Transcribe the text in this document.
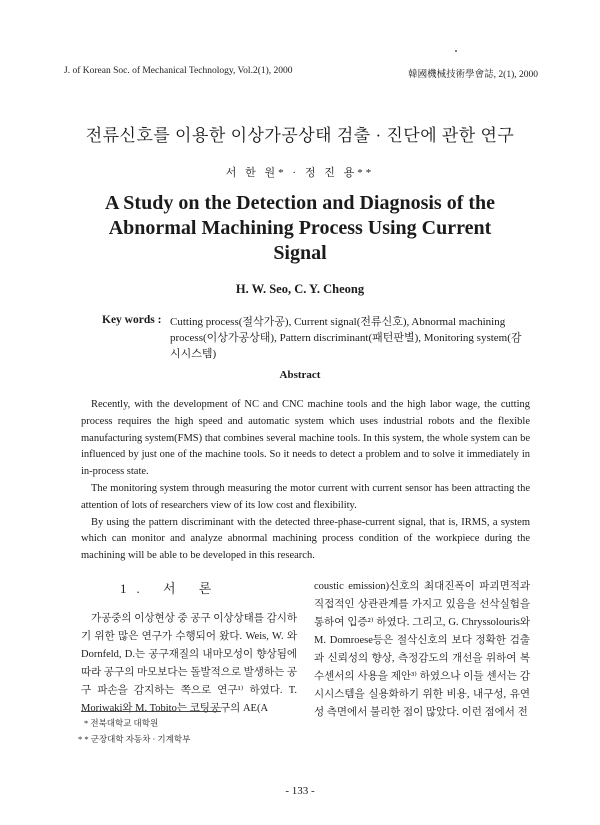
J. of Korean Soc. of Mechanical Technology, Vol.2(1), 2000	韓國機械技術學會誌, 2(1), 2000
전류신호를 이용한 이상가공상태 검출 · 진단에 관한 연구
서 한 원* · 정 진 용**
A Study on the Detection and Diagnosis of the Abnormal Machining Process Using Current Signal
H. W. Seo, C. Y. Cheong
Key words : Cutting process(절삭가공), Current signal(전류신호), Abnormal machining process(이상가공상태), Pattern discriminant(패턴판별), Monitoring system(감시시스템)
Abstract

Recently, with the development of NC and CNC machine tools and the high labor wage, the cutting process requires the high speed and automatic system which uses industrial robots and the flexible manufacturing system(FMS) that combines several machine tools. In this system, the whole system can be influenced by just one of the machine tools. So it needs to detect a problem and to solve it immediately in in-process state.

The monitoring system through measuring the motor current with current sensor has been attracting the attention of lots of researchers view of its low cost and flexibility.

By using the pattern discriminant with the detected three-phase-current signal, that is, IRMS, a system which can monitor and analyze abnormal machining process condition of the workpiece during the machining will be able to be developed in this research.

1. 서 론
가공중의 이상현상 중 공구 이상상태를 감시하기 위한 많은 연구가 수행되어 왔다. Weis, W. 와 Dornfeld, D.는 공구재질의 내마모성이 향상됨에 따라 공구의 마모보다는 돌발적으로 발생하는 공구 파손을 감지하는 쪽으로 연구¹⁾ 하였다. T. Moriwaki와 M. Tobito는 코팅공구의 AE(A
coustic emission)신호의 최대진폭이 파괴면적과 직접적인 상관관계를 가지고 있음을 선삭실험을 통하여 입증²⁾ 하였다. 그리고, G. Chryssolouris와 M. Domroese등은 절삭신호의 보다 정확한 검출과 신뢰성의 향상, 측정감도의 개선을 위하여 복수센서의 사용을 제안³⁾ 하였으나 이들 센서는 감시시스템을 실용화하기 위한 비용, 내구성, 유연성 측면에서 불리한 점이 많았다. 이런 점에서 전
* 전북대학교 대학원
* * 군장대학 자동차 · 기계학부
- 133 -
